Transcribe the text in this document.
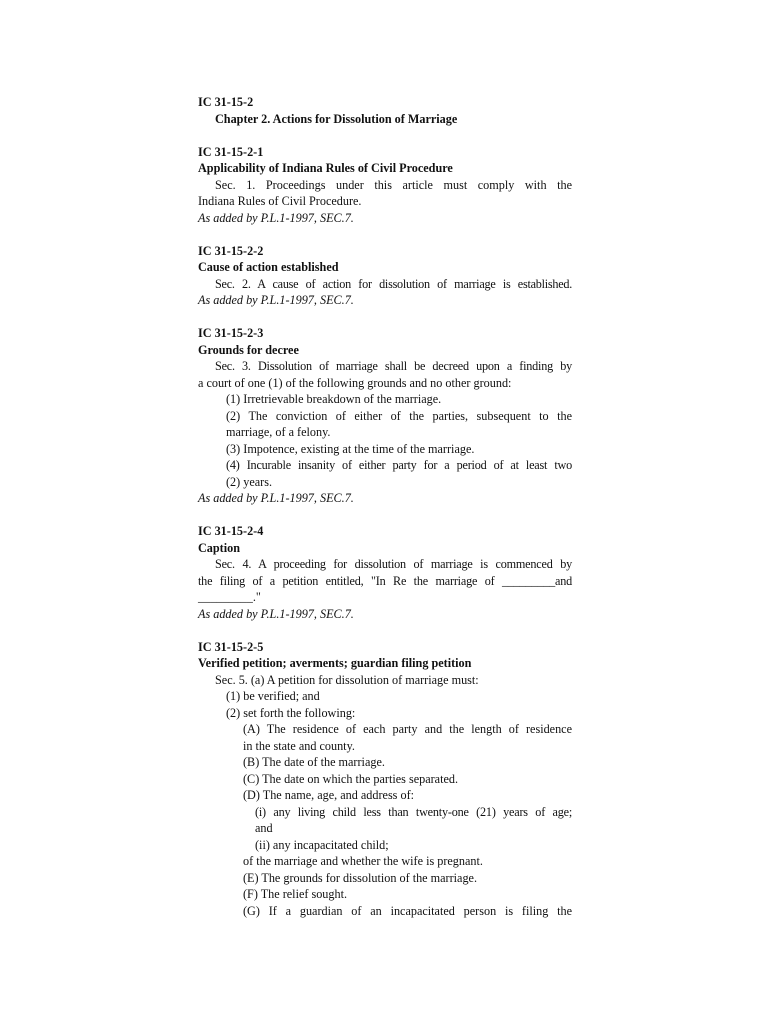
IC 31-15-2
Chapter 2. Actions for Dissolution of Marriage
IC 31-15-2-1
Applicability of Indiana Rules of Civil Procedure
Sec. 1. Proceedings under this article must comply with the
Indiana Rules of Civil Procedure.
As added by P.L.1-1997, SEC.7.
IC 31-15-2-2
Cause of action established
Sec. 2. A cause of action for dissolution of marriage is established.
As added by P.L.1-1997, SEC.7.
IC 31-15-2-3
Grounds for decree
Sec. 3. Dissolution of marriage shall be decreed upon a finding by
a court of one (1) of the following grounds and no other ground:
(1) Irretrievable breakdown of the marriage.
(2) The conviction of either of the parties, subsequent to the
marriage, of a felony.
(3) Impotence, existing at the time of the marriage.
(4) Incurable insanity of either party for a period of at least two
(2) years.
As added by P.L.1-1997, SEC.7.
IC 31-15-2-4
Caption
Sec. 4. A proceeding for dissolution of marriage is commenced by
the filing of a petition entitled, "In Re the marriage of _________and
_________."
As added by P.L.1-1997, SEC.7.
IC 31-15-2-5
Verified petition; averments; guardian filing petition
Sec. 5. (a) A petition for dissolution of marriage must:
(1) be verified; and
(2) set forth the following:
(A) The residence of each party and the length of residence
in the state and county.
(B) The date of the marriage.
(C) The date on which the parties separated.
(D) The name, age, and address of:
(i) any living child less than twenty-one (21) years of age;
and
(ii) any incapacitated child;
of the marriage and whether the wife is pregnant.
(E) The grounds for dissolution of the marriage.
(F) The relief sought.
(G) If a guardian of an incapacitated person is filing the
